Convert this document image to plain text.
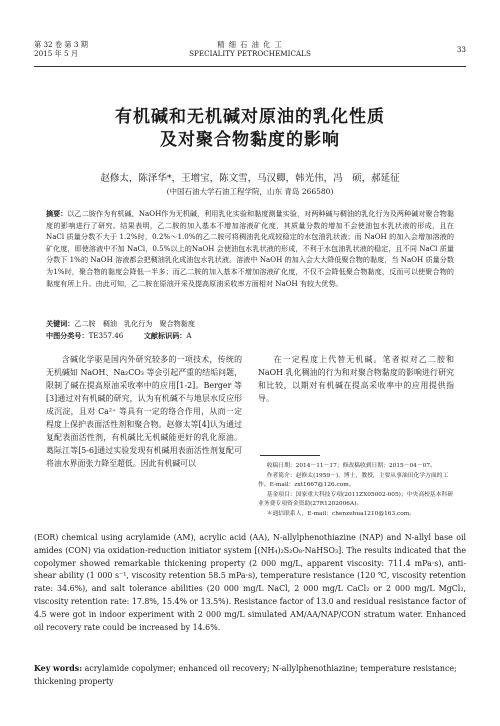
第 32 卷 第 3 期
2015 年 5 月
精 细 石 油 化 工
SPECIALITY PETROCHEMICALS	33
有机碱和无机碱对原油的乳化性质
及对聚合物黏度的影响
赵修太，陈泽华*，王增宝，陈文雪，马汉卿，韩光伟，冯　硕，郝延征
(中国石油大学石油工程学院，山东 青岛 266580)
摘要：以乙二胺作为有机碱，NaOH作为无机碱，利用乳化实验和黏度测量实验，对两种碱与稠油的乳化行为及两种碱对聚合物黏度的影响进行了研究。结果表明，乙二胺的加入基本不增加溶液矿化度，其质量分数的增加不会使油包水乳状液的形成，且在 NaCl 质量分数不大于 1.2%时，0.2%～1.0%的乙二胺可将稠油乳化成较稳定的水包油乳状液；而 NaOH 的加入会增加溶液的矿化度，即使溶液中不加 NaCl，0.5%以上的NaOH 会使油包水乳状液的形成，不利于水包油乳状液的稳定，且不同 NaCl 质量分数下 1%的 NaOH 溶液都会把稠油乳化成油包水乳状液。溶液中 NaOH 的加入会大大降低聚合物的黏度，当 NaOH 质量分数为1%时，聚合物的黏度会降低一半多；而乙二胺的加入基本不增加溶液矿化度，不仅不会降低聚合物黏度，反而可以使聚合物的黏度有所上升。由此可知，乙二胺在原油开采及提高原油采收率方面相对 NaOH 有较大优势。
关键词：乙二胺　稠油　乳化行为　聚合物黏度
中图分类号：TE357.46	文献标识码：A
含碱化学驱是国内外研究较多的一项技术，传统的无机碱如 NaOH、Na₂CO₃ 等会引起严重的结垢问题，限制了碱在提高原油采收率中的应用[1-2]。Berger 等[3]通过对有机碱的研究，认为有机碱不与地层水反应形成沉淀，且对 Ca²⁺ 等具有一定的络合作用，从而一定程度上保护表面活性剂和聚合物。赵修太等[4]认为通过复配表面活性剂，有机碱比无机碱能更好的乳化原油。葛际江等[5-6]通过实验发现有机碱用表面活性剂复配可将油水界面张力降至超低。因此有机碱可以
在一定程度上代替无机碱。笔者拟对乙二胺和 NaOH 乳化稠油的行为和对聚合物黏度的影响进行研究和比较，以期对有机碱在提高采收率中的应用提供指导。
收稿日期：2014－11－17；修改稿收到日期：2015－04－07。
作者简介：赵修太(1959－)，博士，教授，主要从事油田化学方面的工作。E-mail：zxt1667@126.com。
基金项目：国家重大科技专项(2011ZX05002-005)；中央高校基本科研业务费专项资金资助(27R1202006A)。
＊通信联系人，E-mail：chenzehua1210@163.com。
(EOR) chemical using acrylamide (AM), acrylic acid (AA), N-allylphenothiazine (NAP) and N-allyl base oil amides (CON) via oxidation-reduction initiator system [(NH₄)₂S₂O₈-NaHSO₃]. The results indicated that the copolymer showed remarkable thickening property (2 000 mg/L, apparent viscosity: 711.4 mPa·s), anti-shear ability (1 000 s⁻¹, viscosity retention 58.5 mPa·s), temperature resistance (120 ℃, viscosity retention rate: 34.6%), and salt tolerance abilities (20 000 mg/L NaCl, 2 000 mg/L CaCl₂ or 2 000 mg/L MgCl₂, viscosity retention rate: 17.8%, 15.4% or 13.5%). Resistance factor of 13.0 and residual resistance factor of 4.5 were got in indoor experiment with 2 000 mg/L simulated AM/AA/NAP/CON stratum water. Enhanced oil recovery rate could be increased by 14.6%.
Key words: acrylamide copolymer; enhanced oil recovery; N-allylphenothiazine; temperature resistance; thickening property
